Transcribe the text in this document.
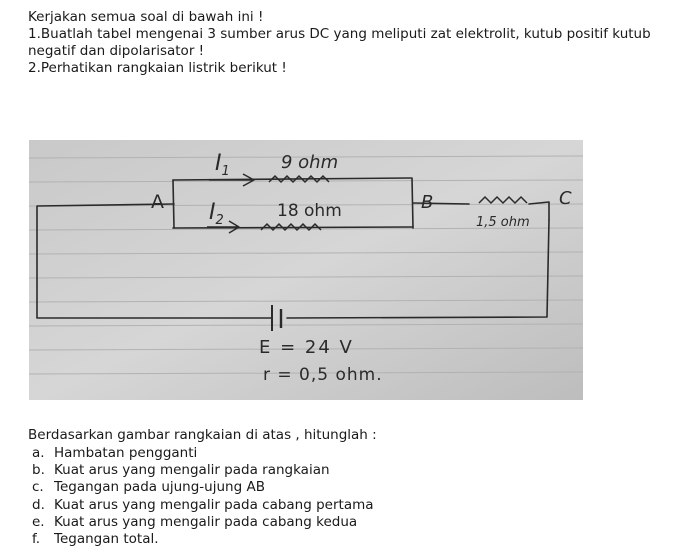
Kerjakan semua soal di bawah ini !

1.Buatlah tabel mengenai 3 sumber arus DC yang meliputi zat elektrolit, kutub positif kutub negatif dan dipolarisator !

2.Perhatikan rangkaian listrik berikut !

$I_1$	9 ohm
$I_2$	18 ohm
A	B	C
1,5 ohm
E = 24 V
r = 0,5 ohm.

Berdasarkan gambar rangkaian di atas , hitunglah :

a. Hambatan pengganti
b. Kuat arus yang mengalir pada rangkaian
c. Tegangan pada ujung-ujung AB
d. Kuat arus yang mengalir pada cabang pertama
e. Kuat arus yang mengalir pada cabang kedua
f. Tegangan total.
